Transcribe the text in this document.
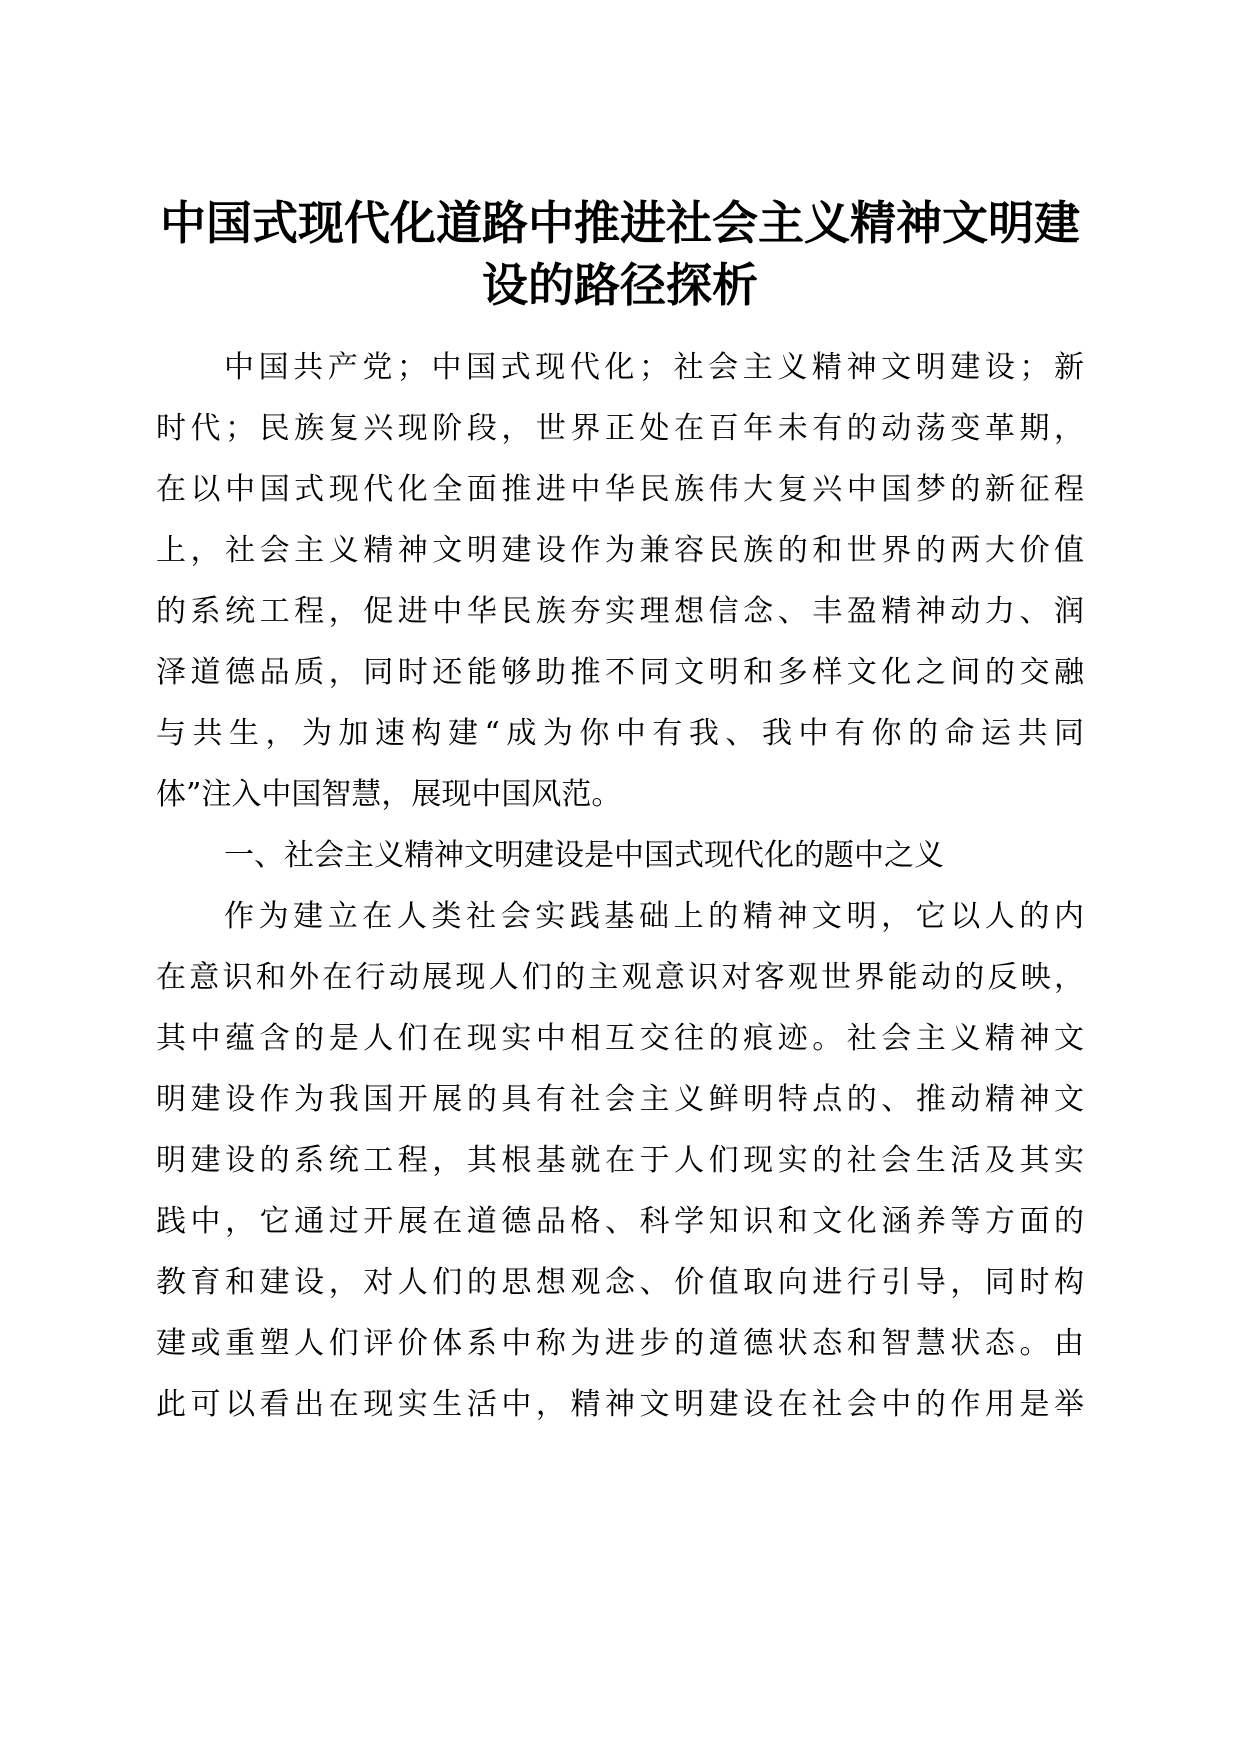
中国式现代化道路中推进社会主义精神文明建
设的路径探析
中国共产党；中国式现代化；社会主义精神文明建设；新
时代；民族复兴现阶段，世界正处在百年未有的动荡变革期，
在以中国式现代化全面推进中华民族伟大复兴中国梦的新征程
上，社会主义精神文明建设作为兼容民族的和世界的两大价值
的系统工程，促进中华民族夯实理想信念、丰盈精神动力、润
泽道德品质，同时还能够助推不同文明和多样文化之间的交融
与共生，为加速构建“成为你中有我、我中有你的命运共同
体”注入中国智慧，展现中国风范。
一、社会主义精神文明建设是中国式现代化的题中之义
作为建立在人类社会实践基础上的精神文明，它以人的内
在意识和外在行动展现人们的主观意识对客观世界能动的反映，
其中蕴含的是人们在现实中相互交往的痕迹。社会主义精神文
明建设作为我国开展的具有社会主义鲜明特点的、推动精神文
明建设的系统工程，其根基就在于人们现实的社会生活及其实
践中，它通过开展在道德品格、科学知识和文化涵养等方面的
教育和建设，对人们的思想观念、价值取向进行引导，同时构
建或重塑人们评价体系中称为进步的道德状态和智慧状态。由
此可以看出在现实生活中，精神文明建设在社会中的作用是举
